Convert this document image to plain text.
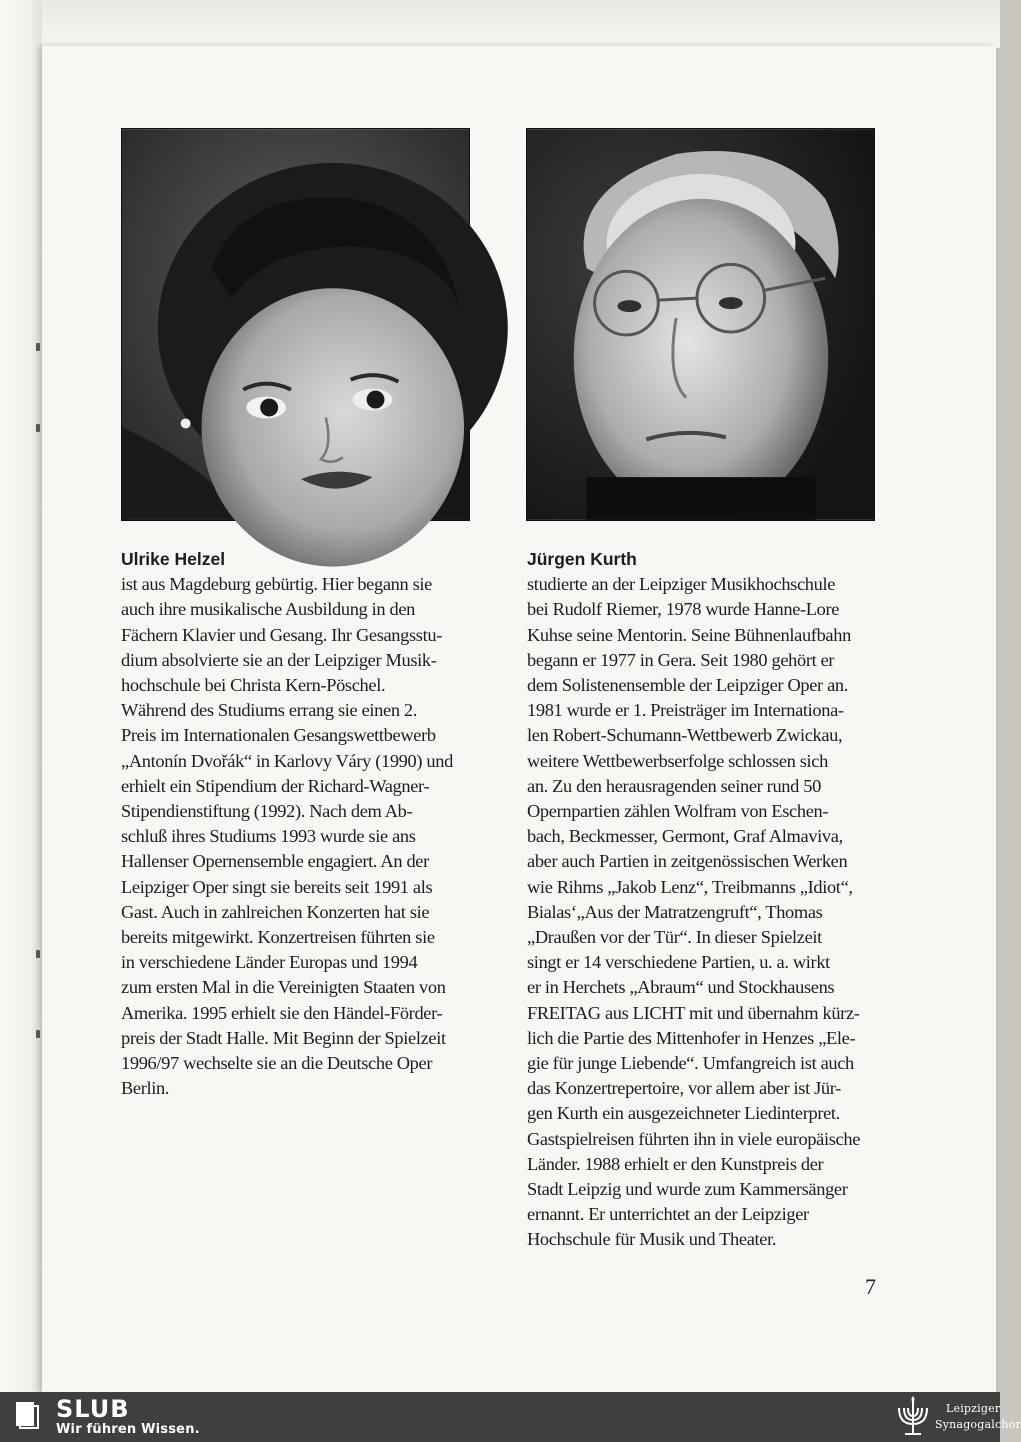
Ulrike Helzel
ist aus Magdeburg gebürtig. Hier begann sie
auch ihre musikalische Ausbildung in den
Fächern Klavier und Gesang. Ihr Gesangsstu-
dium absolvierte sie an der Leipziger Musik-
hochschule bei Christa Kern-Pöschel.
Während des Studiums errang sie einen 2.
Preis im Internationalen Gesangswettbewerb
„Antonín Dvořák“ in Karlovy Váry (1990) und
erhielt ein Stipendium der Richard-Wagner-
Stipendienstiftung (1992). Nach dem Ab-
schluß ihres Studiums 1993 wurde sie ans
Hallenser Opernensemble engagiert. An der
Leipziger Oper singt sie bereits seit 1991 als
Gast. Auch in zahlreichen Konzerten hat sie
bereits mitgewirkt. Konzertreisen führten sie
in verschiedene Länder Europas und 1994
zum ersten Mal in die Vereinigten Staaten von
Amerika. 1995 erhielt sie den Händel-Förder-
preis der Stadt Halle. Mit Beginn der Spielzeit
1996/97 wechselte sie an die Deutsche Oper
Berlin.
Jürgen Kurth
studierte an der Leipziger Musikhochschule
bei Rudolf Riemer, 1978 wurde Hanne-Lore
Kuhse seine Mentorin. Seine Bühnenlaufbahn
begann er 1977 in Gera. Seit 1980 gehört er
dem Solistenensemble der Leipziger Oper an.
1981 wurde er 1. Preisträger im Internationa-
len Robert-Schumann-Wettbewerb Zwickau,
weitere Wettbewerbserfolge schlossen sich
an. Zu den herausragenden seiner rund 50
Opernpartien zählen Wolfram von Eschen-
bach, Beckmesser, Germont, Graf Almaviva,
aber auch Partien in zeitgenössischen Werken
wie Rihms „Jakob Lenz“, Treibmanns „Idiot“,
Bialas‘„Aus der Matratzengruft“, Thomas
„Draußen vor der Tür“. In dieser Spielzeit
singt er 14 verschiedene Partien, u. a. wirkt
er in Herchets „Abraum“ und Stockhausens
FREITAG aus LICHT mit und übernahm kürz-
lich die Partie des Mittenhofer in Henzes „Ele-
gie für junge Liebende“. Umfangreich ist auch
das Konzertrepertoire, vor allem aber ist Jür-
gen Kurth ein ausgezeichneter Liedinterpret.
Gastspielreisen führten ihn in viele europäische
Länder. 1988 erhielt er den Kunstpreis der
Stadt Leipzig und wurde zum Kammersänger
ernannt. Er unterrichtet an der Leipziger
Hochschule für Musik und Theater.
7
SLUB
Wir führen Wissen.
Leipziger
Synagogalchor
